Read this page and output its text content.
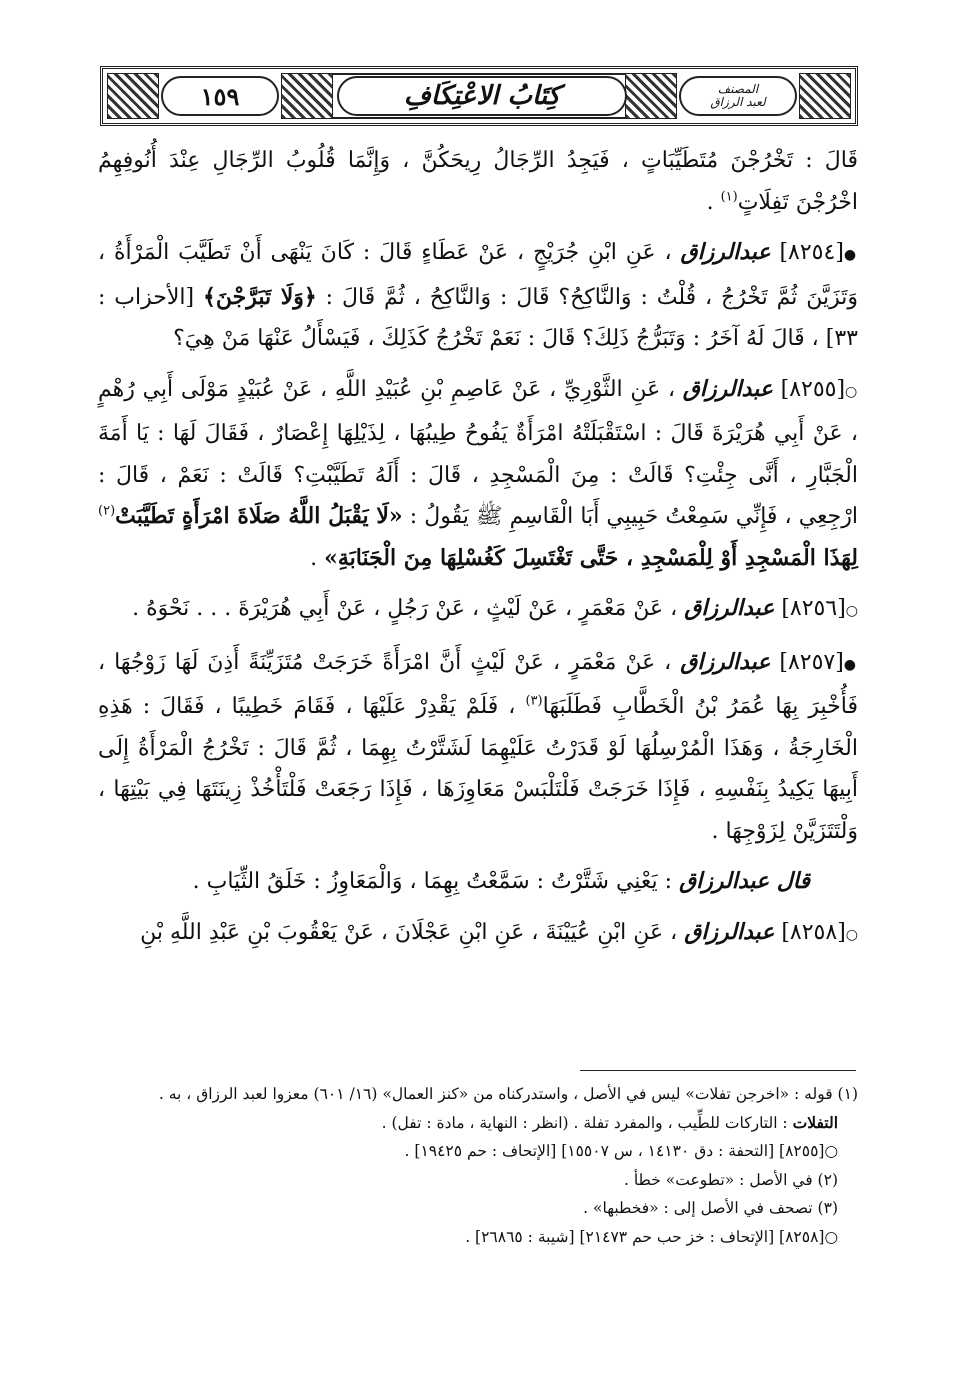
١٥٩	كِتَابُ الاعْتِكَافِ	المصنف
لعبد الرزاق

قَالَ : تَخْرُجْنَ مُتَطَيِّبَاتٍ ، فَيَجِدُ الرِّجَالُ رِيحَكُنَّ ، وَإِنَّمَا قُلُوبُ الرِّجَالِ عِنْدَ أُنُوفِهِمُ اخْرُجْنَ تَفِلَاتٍ$^{(١)}$ .

●[٨٢٥٤] عبدالرزاق ، عَنِ ابْنِ جُرَيْجٍ ، عَنْ عَطَاءٍ قَالَ : كَانَ يَنْهَى أَنْ تَطَيَّبَ الْمَرْأَةُ ، وَتَزَيَّنَ ثُمَّ تَخْرُجُ ، قُلْتُ : وَالنَّاكِحُ؟ قَالَ : وَالنَّاكِحُ ، ثُمَّ قَالَ : ﴿وَلَا تَبَرَّجْنَ﴾ [الأحزاب : ٣٣] ، قَالَ لَهُ آخَرُ : وَتَبَرُّجُ ذَلِكَ؟ قَالَ : نَعَمْ تَخْرُجُ كَذَلِكَ ، فَيَسْأَلُ عَنْهَا مَنْ هِيَ؟

○[٨٢٥٥] عبدالرزاق ، عَنِ الثَّوْرِيِّ ، عَنْ عَاصِمِ بْنِ عُبَيْدِ اللَّهِ ، عَنْ عُبَيْدٍ مَوْلَى أَبِي رُهْمٍ ، عَنْ أَبِي هُرَيْرَةَ قَالَ : اسْتَقْبَلَتْهُ امْرَأَةٌ يَفُوحُ طِيبُهَا ، لِذَيْلِهَا إِعْصَارٌ ، فَقَالَ لَهَا : يَا أَمَةَ الْجَبَّارِ ، أَنَّى جِئْتِ؟ قَالَتْ : مِنَ الْمَسْجِدِ ، قَالَ : أَلَهُ تَطَيَّبْتِ؟ قَالَتْ : نَعَمْ ، قَالَ : ارْجِعِي ، فَإِنِّي سَمِعْتُ حَبِيبِي أَبَا الْقَاسِمِ ﷺ يَقُولُ : «لَا يَقْبَلُ اللَّهُ صَلَاةَ امْرَأَةٍ تَطَيَّبَتْ$^{(٢)}$ لِهَذَا الْمَسْجِدِ أَوْ لِلْمَسْجِدِ ، حَتَّى تَغْتَسِلَ كَغُسْلِهَا مِنَ الْجَنَابَةِ» .

○[٨٢٥٦] عبدالرزاق ، عَنْ مَعْمَرٍ ، عَنْ لَيْثٍ ، عَنْ رَجُلٍ ، عَنْ أَبِي هُرَيْرَةَ . . . نَحْوَهُ .

●[٨٢٥٧] عبدالرزاق ، عَنْ مَعْمَرٍ ، عَنْ لَيْثٍ أَنَّ امْرَأَةً خَرَجَتْ مُتَزَيِّنَةً أَذِنَ لَهَا زَوْجُهَا ، فَأُخْبِرَ بِهَا عُمَرُ بْنُ الْخَطَّابِ فَطَلَبَهَا$^{(٣)}$ ، فَلَمْ يَقْدِرْ عَلَيْهَا ، فَقَامَ خَطِيبًا ، فَقَالَ : هَذِهِ الْخَارِجَةُ ، وَهَذَا الْمُرْسِلُهَا لَوْ قَدَرْتُ عَلَيْهِمَا لَشَتَّرْتُ بِهِمَا ، ثُمَّ قَالَ : تَخْرُجُ الْمَرْأَةُ إِلَى أَبِيهَا يَكِيدُ بِنَفْسِهِ ، فَإِذَا خَرَجَتْ فَلْتَلْبَسْ مَعَاوِزَهَا ، فَإِذَا رَجَعَتْ فَلْتَأْخُذْ زِينَتَهَا فِي بَيْتِهَا ، وَلْتَتَزَيَّنْ لِزَوْجِهَا .

قال عبدالرزاق : يَعْنِي شَتَّرْتُ : سَمَّعْتُ بِهِمَا ، وَالْمَعَاوِزُ : خَلَقُ الثِّيَابِ .

○[٨٢٥٨] عبدالرزاق ، عَنِ ابْنِ عُيَيْنَةَ ، عَنِ ابْنِ عَجْلَانَ ، عَنْ يَعْقُوبَ بْنِ عَبْدِ اللَّهِ بْنِ

(١) قوله : «اخرجن تفلات» ليس في الأصل ، واستدركناه من «كنز العمال» (١٦/ ٦٠١) معزوا لعبد الرزاق ، به .

التفلات : التاركات للطِّيب ، والمفرد تفلة . (انظر : النهاية ، مادة : تفل) .

○[٨٢٥٥] [التحفة : دق ١٤١٣٠ ، س ١٥٥٠٧] [الإتحاف : حم ١٩٤٢٥] .

(٢) في الأصل : «تطوعت» خطأ .

(٣) تصحف في الأصل إلى : «فخطبها» .

○[٨٢٥٨] [الإتحاف : خز حب حم ٢١٤٧٣] [شيبة : ٢٦٨٦٥] .
